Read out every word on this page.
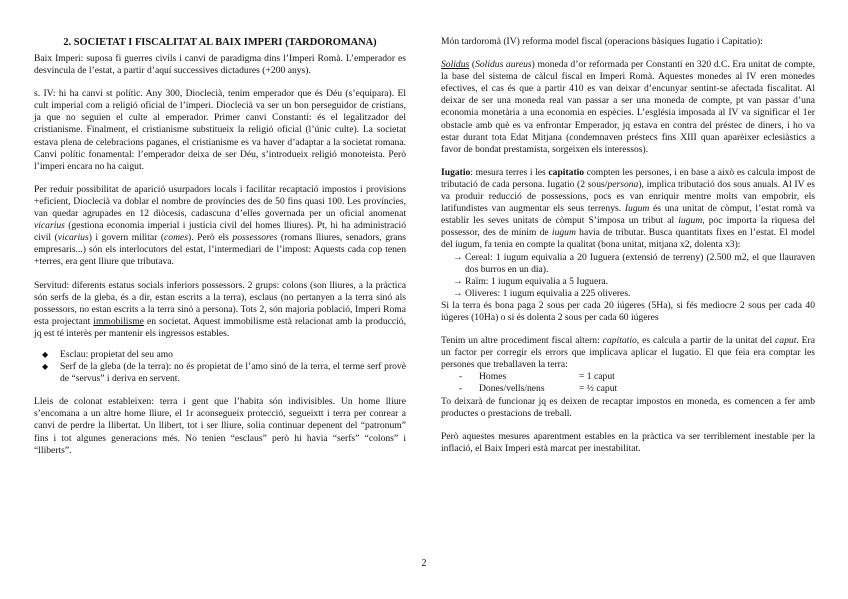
2. SOCIETAT I FISCALITAT AL BAIX IMPERI (TARDOROMANA)

Baix Imperi: suposa fi guerres civils i canvi de paradigma dins l’Imperi Romà. L’emperador es desvincula de l’estat, a partir d’aquí successives dictadures (+200 anys).

s. IV: hi ha canvi st polític. Any 300, Dioclecià, tenim emperador que és Déu (s’equipara). El cult imperial com a religió oficial de l’imperi. Dioclecià va ser un bon perseguidor de cristians, ja que no seguien el culte al emperador. Primer canvi Constantí: és el legalitzador del cristianisme. Finalment, el cristianisme substitueix la religió oficial (l’únic culte). La societat estava plena de celebracions paganes, el cristianisme es va haver d’adaptar a la societat romana. Canvi polític fonamental: l’emperador deixa de ser Déu, s’introdueix religió monoteista. Però l’imperi encara no ha caigut.

Per reduir possibilitat de aparició usurpadors locals i facilitar recaptació impostos i provisions +eficient, Dioclecià va doblar el nombre de províncies des de 50 fins quasi 100. Les províncies, van quedar agrupades en 12 diòcesis, cadascuna d’elles governada per un oficial anomenat vicarius (gestiona economia imperial i justícia civil del homes lliures). Pt, hi ha administració civil (vicarius) i govern militar (comes). Però els possessores (romans lliures, senadors, grans empresaris...) són els interlocutors del estat, l’intermediari de l’impost: Aquests cada cop tenen +terres, era gent lliure que tributava.

Servitud: diferents estatus socials inferiors possessors. 2 grups: colons (son lliures, a la pràctica són serfs de la gleba, és a dir, estan escrits a la terra), esclaus (no pertanyen a la terra sinó als possessors, no estan escrits a la terra sinó a persona). Tots 2, són majoria població, Imperi Roma esta projectant immobilisme en societat. Aquest immobilisme està relacionat amb la producció, jq est té interès per mantenir els ingressos estables.

◆ Esclau: propietat del seu amo
◆ Serf de la gleba (de la terra): no és propietat de l’amo sinó de la terra, el terme serf provè de “servus” i deriva en servent.

Lleis de colonat estableixen: terra i gent que l’habita són indivisibles. Un home lliure s’encomana a un altre home lliure, el 1r aconsegueix protecció, segueixtt i terra per conrear a canvi de perdre la llibertat. Un llibert, tot i ser lliure, solia continuar depenent del “patronum” fins i tot algunes generacions més. No tenien “esclaus” però hi havia “serfs” “colons” i “lliberts”.

Món tardoromà (IV) reforma model fiscal (operacions bàsiques Iugatio i Capitatio):

Solidus (Solidus aureus) moneda d’or reformada per Constantí en 320 d.C. Era unitat de compte, la base del sistema de càlcul fiscal en Imperi Romà. Aquestes monedes al IV eren monedes efectives, el cas és que a partir 410 es van deixar d’encunyar sentint-se afectada fiscalitat. Al deixar de ser una moneda real van passar a ser una moneda de compte, pt van passar d’una economia monetària a una economia en espècies. L’església imposada al IV va significar el 1er obstacle amb què es va enfrontar Emperador, jq estava en contra del préstec de diners, i ho va estar durant tota Edat Mitjana (condemnaven préstecs fins XIII quan aparèixer eclesiàstics a favor de bondat prestamista, sorgeixen els interessos).

Iugatio: mesura terres i les capitatio compten les persones, i en base a això es calcula impost de tributació de cada persona. Iugatio (2 sous/persona), implica tributació dos sous anuals. Al IV es va produir reducció de possessions, pocs es van enriquir mentre molts van empobrir, els latifundistes van augmentar els seus terrenys. Iugum és una unitat de còmput, l’estat romà va establir les seves unitats de còmput S’imposa un tribut al iugum, poc importa la riquesa del possessor, des de mínim de iugum havia de tributar. Busca quantitats fixes en l’estat. El model del iugum, fa tenia en compte la qualitat (bona unitat, mitjana x2, dolenta x3):

→ Cereal: 1 iugum equivalia a 20 Iuguera (extensió de terreny) (2.500 m2, el que llauraven dos burros en un dia).
→ Raïm: 1 iugum equivalia a 5 Iuguera.
→ Oliveres: 1 iugum equivalia a 225 oliveres.

Si la terra és bona paga 2 sous per cada 20 iúgeres (5Ha), si fés mediocre 2 sous per cada 40 iúgeres (10Ha) o si és dolenta 2 sous per cada 60 iúgeres

Tenim un altre procediment fiscal altern: capitatio, es calcula a partir de la unitat del caput. Era un factor per corregir els errors que implicava aplicar el Iugatio. El que feia era comptar les persones que treballaven la terra:

-	Homes	= 1 caput
-	Dones/vells/nens	= ½ caput

To deixarà de funcionar jq es deixen de recaptar impostos en moneda, es comencen a fer amb productes o prestacions de treball.

Però aquestes mesures aparentment estables en la pràctica va ser terriblement inestable per la inflació, el Baix Imperi està marcat per inestabilitat.

2
